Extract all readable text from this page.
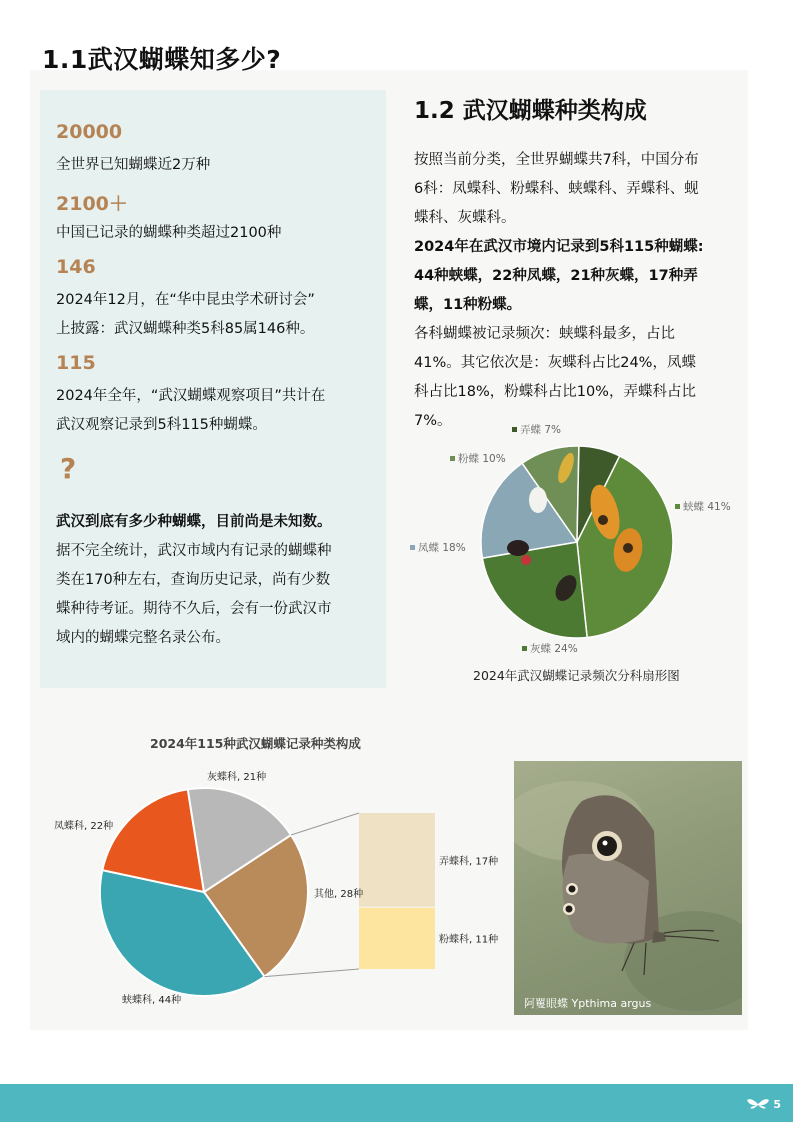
1.1武汉蝴蝶知多少?
20000
全世界已知蝴蝶近2万种
2100＋
中国已记录的蝴蝶种类超过2100种
146
2024年12月，在“华中昆虫学术研讨会”
上披露：武汉蝴蝶种类5科85属146种。
115
2024年全年，“武汉蝴蝶观察项目”共计在
武汉观察记录到5科115种蝴蝶。
?
武汉到底有多少种蝴蝶，目前尚是未知数。
据不完全统计，武汉市域内有记录的蝴蝶种
类在170种左右，查询历史记录，尚有少数
蝶种待考证。期待不久后，会有一份武汉市
域内的蝴蝶完整名录公布。
1.2 武汉蝴蝶种类构成
按照当前分类，全世界蝴蝶共7科，中国分布
6科：凤蝶科、粉蝶科、蛱蝶科、弄蝶科、蚬
蝶科、灰蝶科。
2024年在武汉市境内记录到5科115种蝴蝶:
44种蛱蝶，22种凤蝶，21种灰蝶，17种弄
蝶，11种粉蝶。
各科蝴蝶被记录频次：蛱蝶科最多，占比
41%。其它依次是：灰蝶科占比24%，凤蝶
科占比18%，粉蝶科占比10%，弄蝶科占比
7%。
蛱蝶 41%
灰蝶 24%
凤蝶 18%
粉蝶 10%
弄蝶 7%
2024年武汉蝴蝶记录频次分科扇形图
2024年115种武汉蝴蝶记录种类构成
蛱蝶科, 44种
凤蝶科, 22种
灰蝶科, 21种
其他, 28种
弄蝶科, 17种
粉蝶科, 11种
阿矍眼蝶 Ypthima argus
5
